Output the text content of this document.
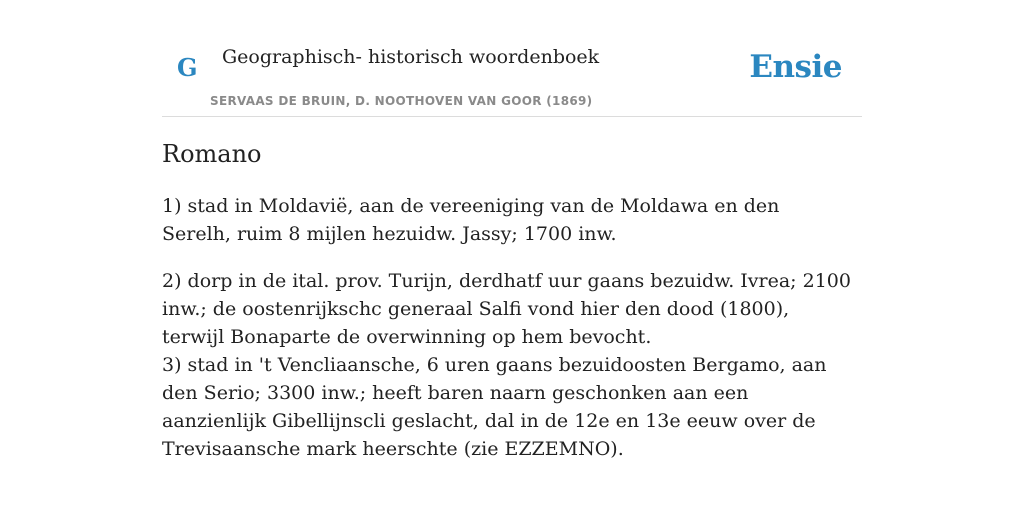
G Geographisch- historisch woordenboek
SERVAAS DE BRUIN, D. NOOTHOVEN VAN GOOR (1869)
Ensie
Romano

1) stad in Moldavië, aan de vereeniging van de Moldawa en den Serelh, ruim 8 mijlen hezuidw. Jassy; 1700 inw.

2) dorp in de ital. prov. Turijn, derdhatf uur gaans bezuidw. Ivrea; 2100 inw.; de oostenrijkschc generaal Salfi vond hier den dood (1800), terwijl Bonaparte de overwinning op hem bevocht.

3) stad in 't Vencliaansche, 6 uren gaans bezuidoosten Bergamo, aan den Serio; 3300 inw.; heeft baren naarn geschonken aan een aanzienlijk Gibellijnscli geslacht, dal in de 12e en 13e eeuw over de Trevisaansche mark heerschte (zie EZZEMNO).
